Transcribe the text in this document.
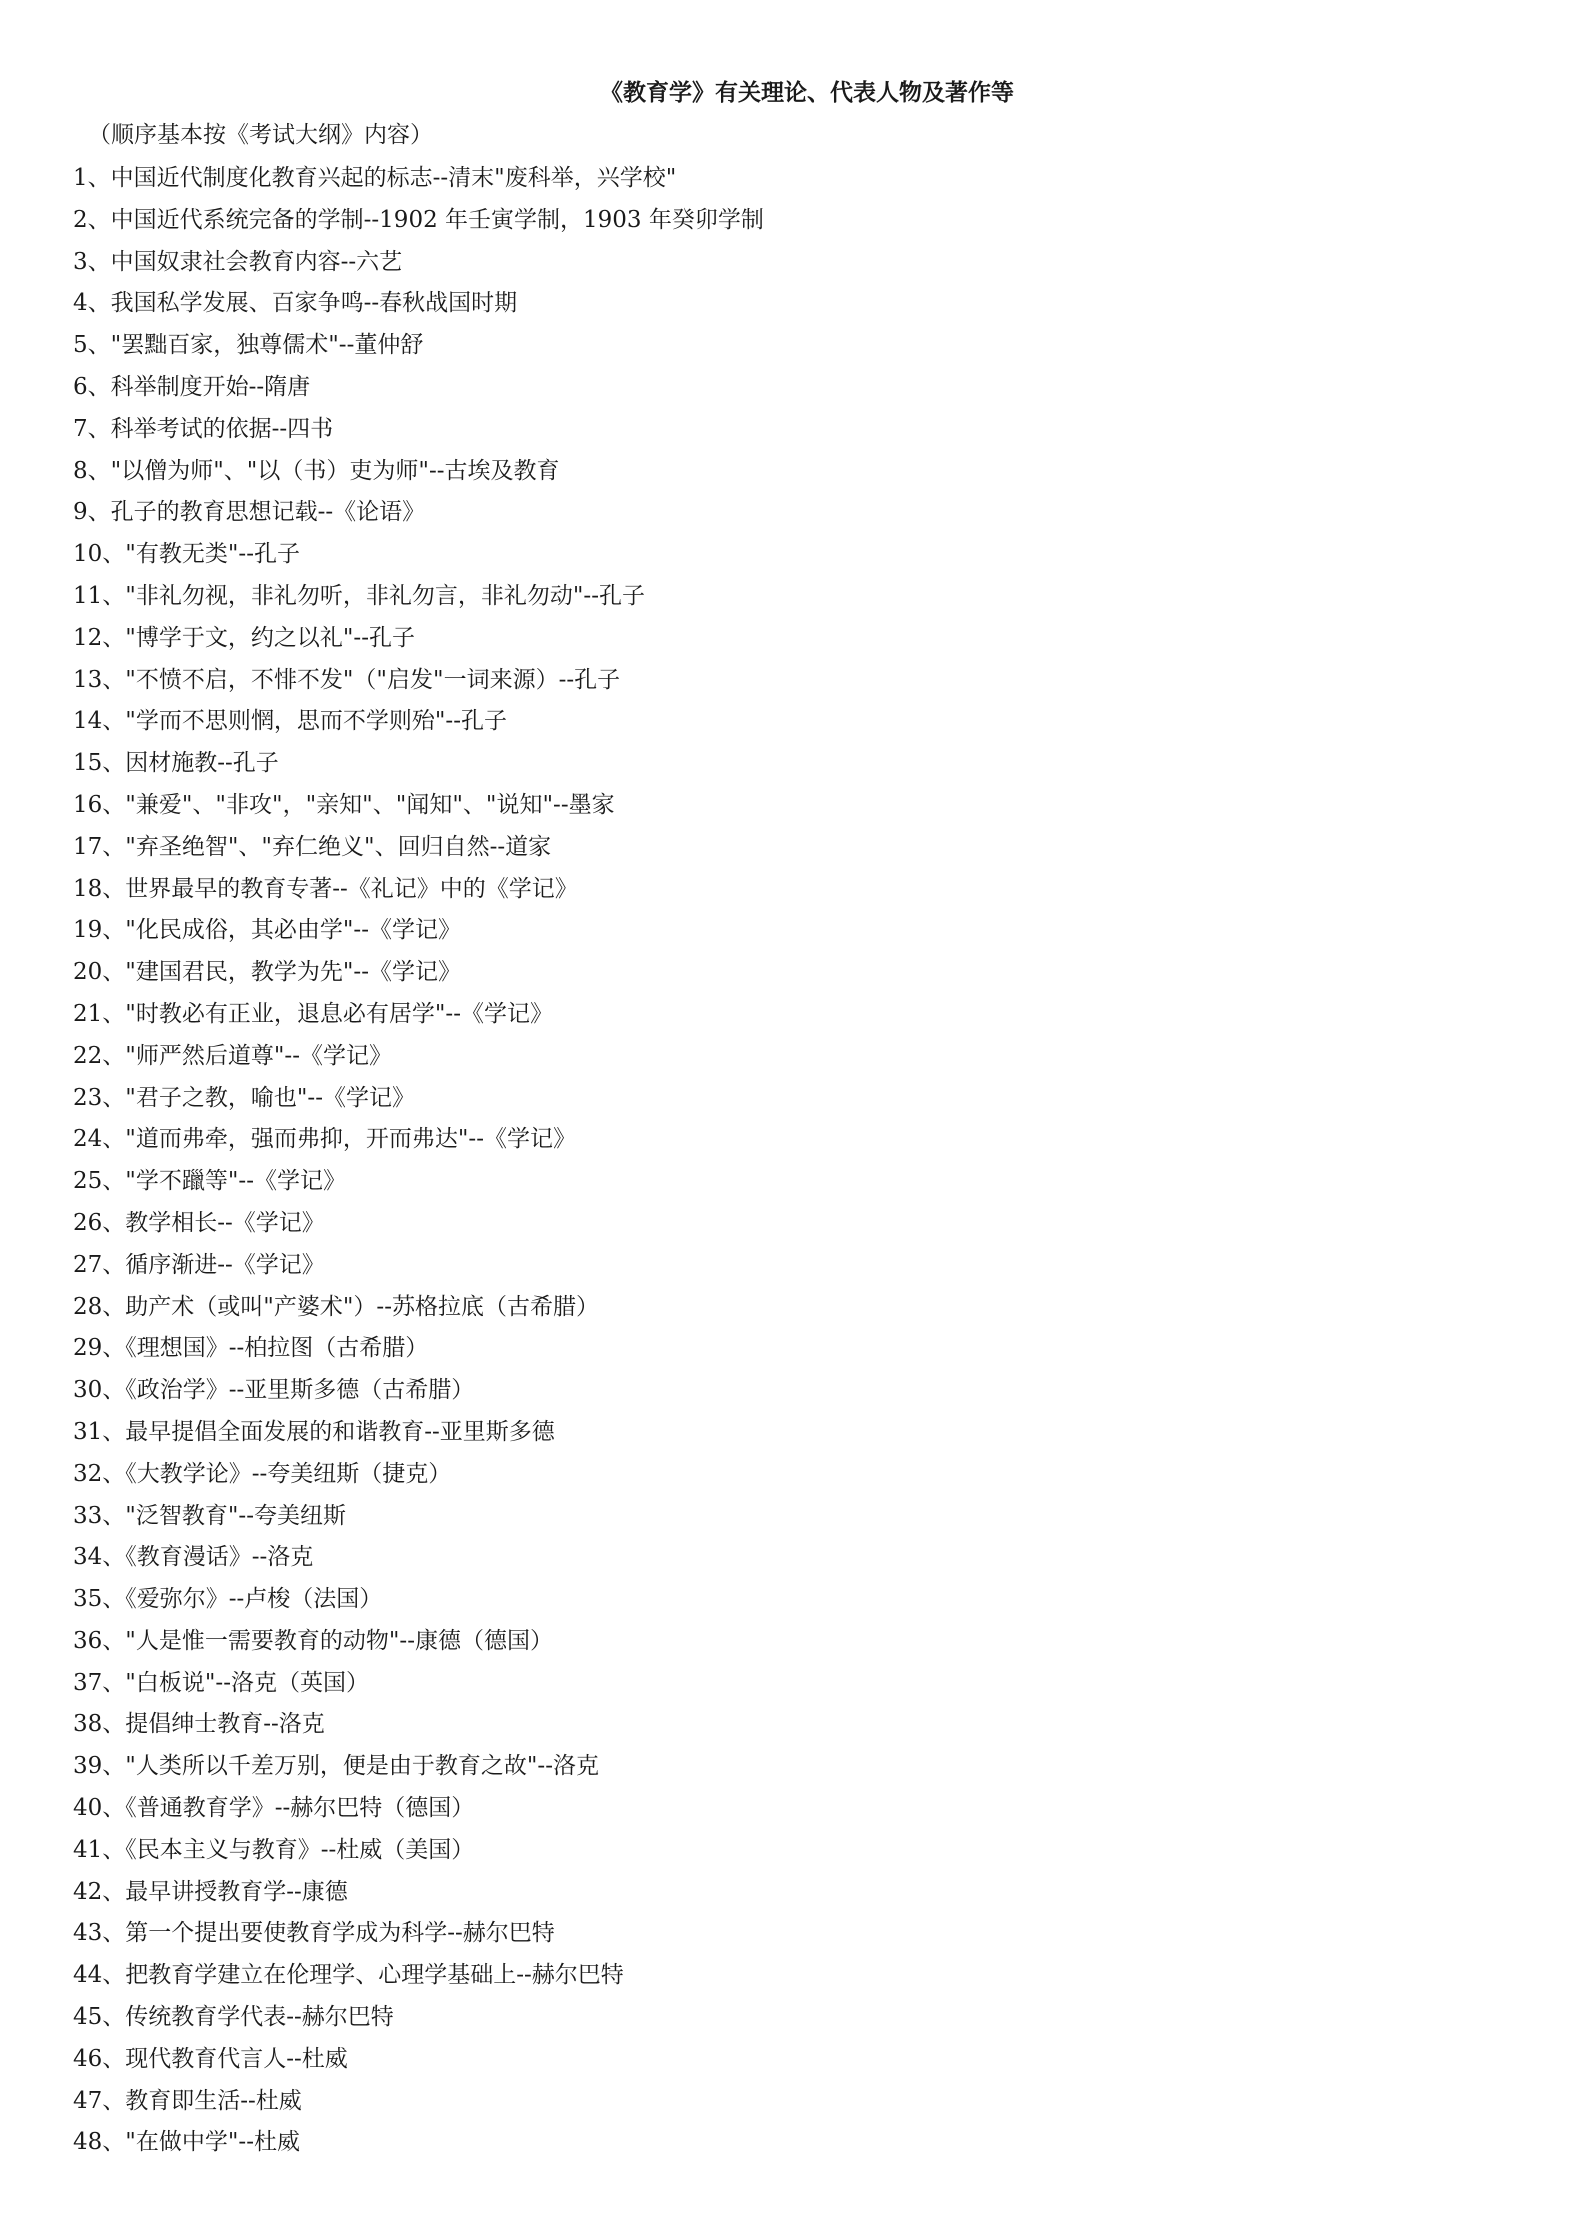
《教育学》有关理论、代表人物及著作等
（顺序基本按《考试大纲》内容）
1、中国近代制度化教育兴起的标志--清末"废科举，兴学校"
2、中国近代系统完备的学制--1902 年壬寅学制，1903 年癸卯学制
3、中国奴隶社会教育内容--六艺
4、我国私学发展、百家争鸣--春秋战国时期
5、"罢黜百家，独尊儒术"--董仲舒
6、科举制度开始--隋唐
7、科举考试的依据--四书
8、"以僧为师"、"以（书）吏为师"--古埃及教育
9、孔子的教育思想记载--《论语》
10、"有教无类"--孔子
11、"非礼勿视，非礼勿听，非礼勿言，非礼勿动"--孔子
12、"博学于文，约之以礼"--孔子
13、"不愤不启，不悱不发"（"启发"一词来源）--孔子
14、"学而不思则惘，思而不学则殆"--孔子
15、因材施教--孔子
16、"兼爱"、"非攻"，"亲知"、"闻知"、"说知"--墨家
17、"弃圣绝智"、"弃仁绝义"、回归自然--道家
18、世界最早的教育专著--《礼记》中的《学记》
19、"化民成俗，其必由学"--《学记》
20、"建国君民，教学为先"--《学记》
21、"时教必有正业，退息必有居学"--《学记》
22、"师严然后道尊"--《学记》
23、"君子之教，喻也"--《学记》
24、"道而弗牵，强而弗抑，开而弗达"--《学记》
25、"学不躐等"--《学记》
26、教学相长--《学记》
27、循序渐进--《学记》
28、助产术（或叫"产婆术"）--苏格拉底（古希腊）
29、《理想国》--柏拉图（古希腊）
30、《政治学》--亚里斯多德（古希腊）
31、最早提倡全面发展的和谐教育--亚里斯多德
32、《大教学论》--夸美纽斯（捷克）
33、"泛智教育"--夸美纽斯
34、《教育漫话》--洛克
35、《爱弥尔》--卢梭（法国）
36、"人是惟一需要教育的动物"--康德（德国）
37、"白板说"--洛克（英国）
38、提倡绅士教育--洛克
39、"人类所以千差万别，便是由于教育之故"--洛克
40、《普通教育学》--赫尔巴特（德国）
41、《民本主义与教育》--杜威（美国）
42、最早讲授教育学--康德
43、第一个提出要使教育学成为科学--赫尔巴特
44、把教育学建立在伦理学、心理学基础上--赫尔巴特
45、传统教育学代表--赫尔巴特
46、现代教育代言人--杜威
47、教育即生活--杜威
48、"在做中学"--杜威
